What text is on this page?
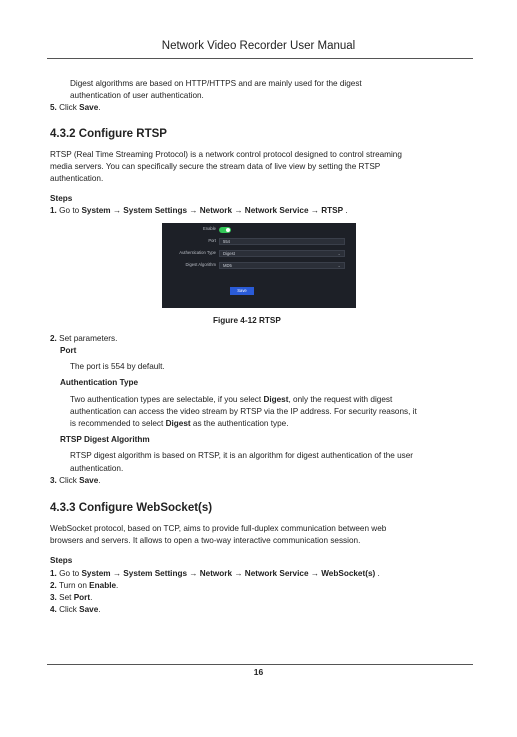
Network Video Recorder User Manual

Digest algorithms are based on HTTP/HTTPS and are mainly used for the digest

authentication of user authentication.

5. Click Save.

4.3.2 Configure RTSP

RTSP (Real Time Streaming Protocol) is a network control protocol designed to control streaming

media servers. You can specifically secure the stream data of live view by setting the RTSP

authentication.

Steps

1. Go to System → System Settings → Network → Network Service → RTSP .

Enable
Port	554
Authentication Type	Digest	⌄
Digest Algorithm	MD5	⌄
Save

Figure 4-12 RTSP

2. Set parameters.

Port

The port is 554 by default.

Authentication Type

Two authentication types are selectable, if you select Digest, only the request with digest

authentication can access the video stream by RTSP via the IP address. For security reasons, it

is recommended to select Digest as the authentication type.

RTSP Digest Algorithm

RTSP digest algorithm is based on RTSP, it is an algorithm for digest authentication of the user

authentication.

3. Click Save.

4.3.3 Configure WebSocket(s)

WebSocket protocol, based on TCP, aims to provide full-duplex communication between web

browsers and servers. It allows to open a two-way interactive communication session.

Steps

1. Go to System → System Settings → Network → Network Service → WebSocket(s) .

2. Turn on Enable.

3. Set Port.

4. Click Save.

16
